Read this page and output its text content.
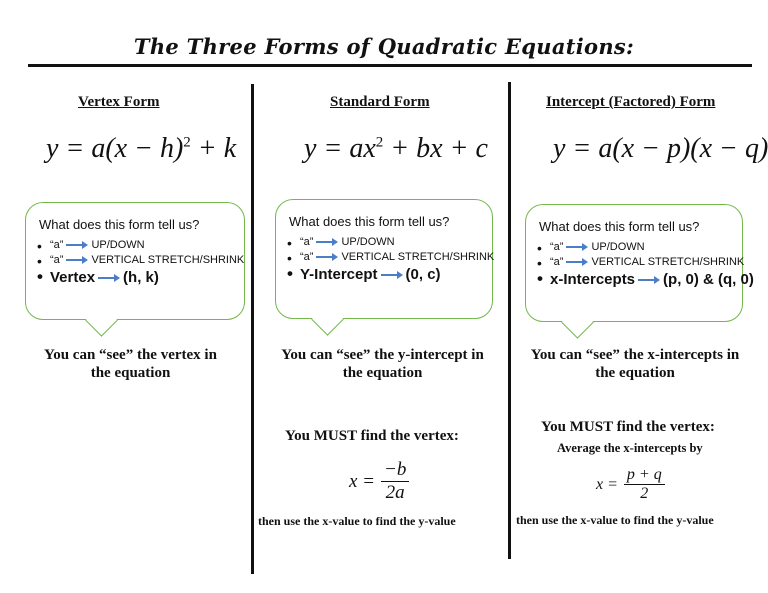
The Three Forms of Quadratic Equations:
Vertex Form
$y = a(x - h)^2 + k$
What does this form tell us?
• “a”	UP/DOWN
• “a”	VERTICAL STRETCH/SHRINK
• Vertex (h, k)
You can “see” the vertex in the equation
Standard Form
$y = ax^2$ + bx + c
What does this form tell us?
• “a”	UP/DOWN
• “a”	VERTICAL STRETCH/SHRINK
• Y-Intercept (0, c)
You can “see” the y-intercept in the equation
You MUST find the vertex:
$x = \frac{-b}{2a}$
then use the x-value to find the y-value
Intercept (Factored) Form
y = a(x − p)(x − q)
What does this form tell us?
• “a”	UP/DOWN
• “a”	VERTICAL STRETCH/SHRINK
• x-Intercepts (p, 0) & (q, 0)
You can “see” the x-intercepts in the equation
You MUST find the vertex:
Average the x-intercepts by
$x = \frac{p + q}{2}$
then use the x-value to find the y-value
